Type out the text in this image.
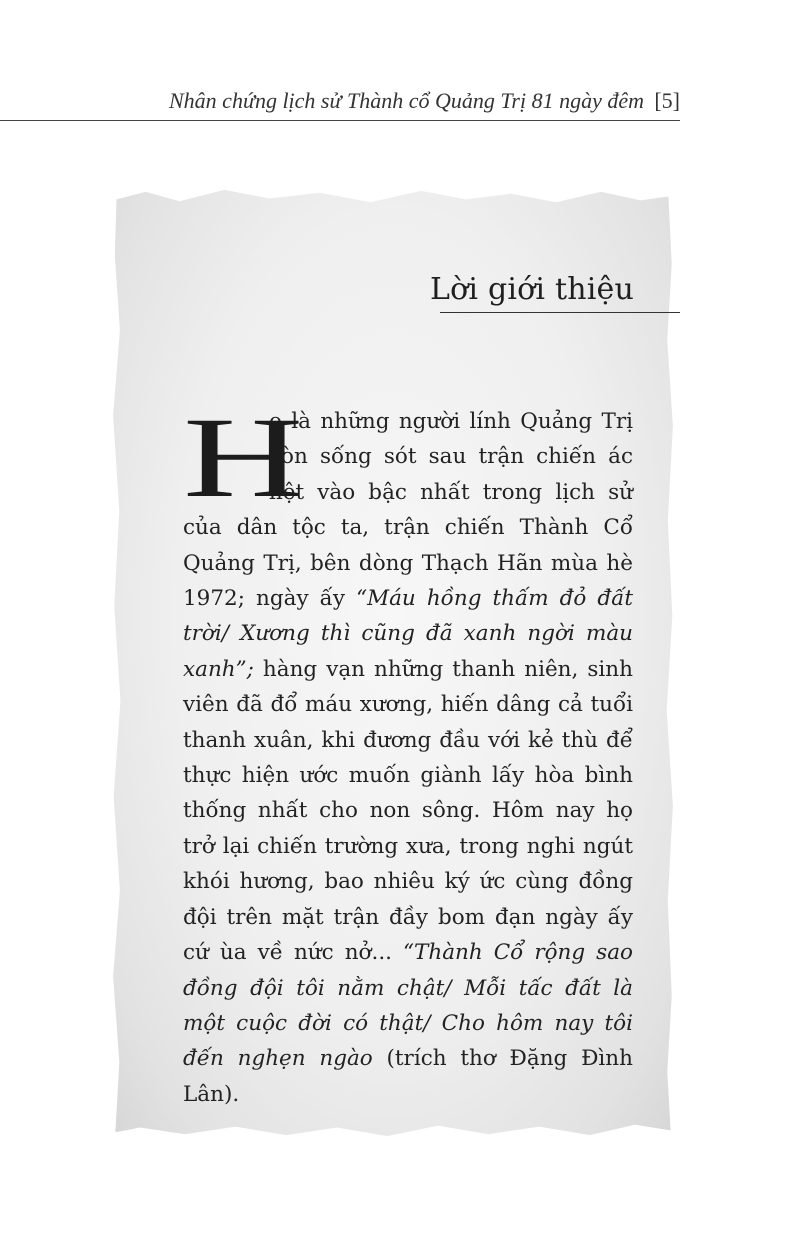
Nhân chứng lịch sử Thành cổ Quảng Trị 81 ngày đêm [5]
Lời giới thiệu
H

ọ là những người lính Quảng Trị còn sống sót sau trận chiến ác liệt vào bậc nhất trong lịch sử của dân tộc ta, trận chiến Thành Cổ Quảng Trị, bên dòng Thạch Hãn mùa hè 1972; ngày ấy “Máu hồng thấm đỏ đất trời/ Xương thì cũng đã xanh ngời màu xanh”; hàng vạn những thanh niên, sinh viên đã đổ máu xương, hiến dâng cả tuổi thanh xuân, khi đương đầu với kẻ thù để thực hiện ước muốn giành lấy hòa bình thống nhất cho non sông. Hôm nay họ trở lại chiến trường xưa, trong nghi ngút khói hương, bao nhiêu ký ức cùng đồng đội trên mặt trận đầy bom đạn ngày ấy cứ ùa về nức nở... “Thành Cổ rộng sao đồng đội tôi nằm chật/ Mỗi tấc đất là một cuộc đời có thật/ Cho hôm nay tôi đến nghẹn ngào (trích thơ Đặng Đình Lân).
